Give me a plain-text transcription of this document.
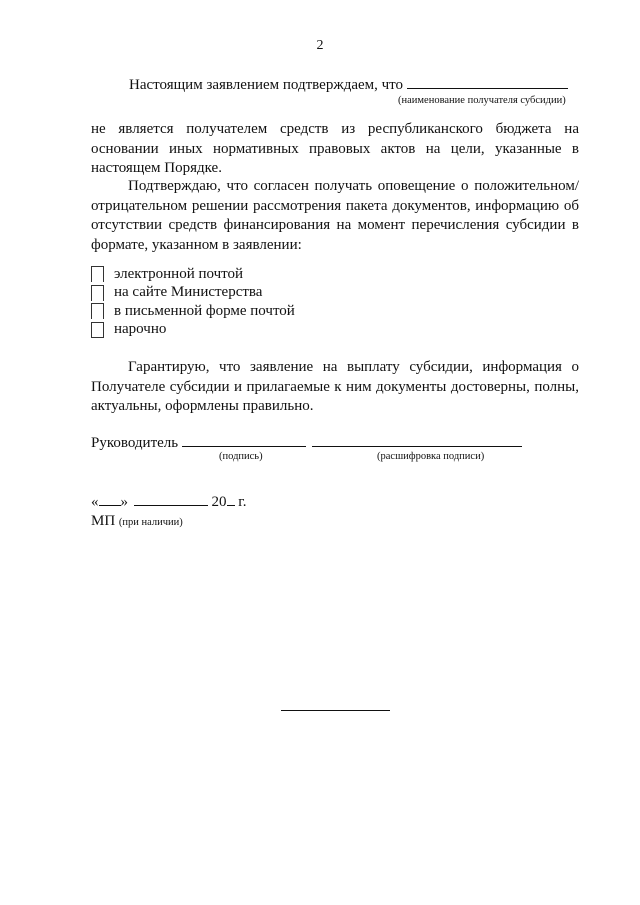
2
Настоящим заявлением подтверждаем, что
(наименование получателя субсидии)

не является получателем средств из республиканского бюджета на основании иных нормативных правовых актов на цели, указанные в настоящем Порядке.

Подтверждаю, что согласен получать оповещение о положительном/отрицательном решении рассмотрения пакета документов, информацию об отсутствии средств финансирования на момент перечисления субсидии в формате, указанном в заявлении:

электронной почтой
на сайте Министерства
в письменной форме почтой
нарочно

Гарантирую, что заявление на выплату субсидии, информация о Получателе субсидии и прилагаемые к ним документы достоверны, полны, актуальны, оформлены правильно.

Руководитель
(подпись)	(расшифровка подписи)
« »	20 г.
МП (при наличии)
